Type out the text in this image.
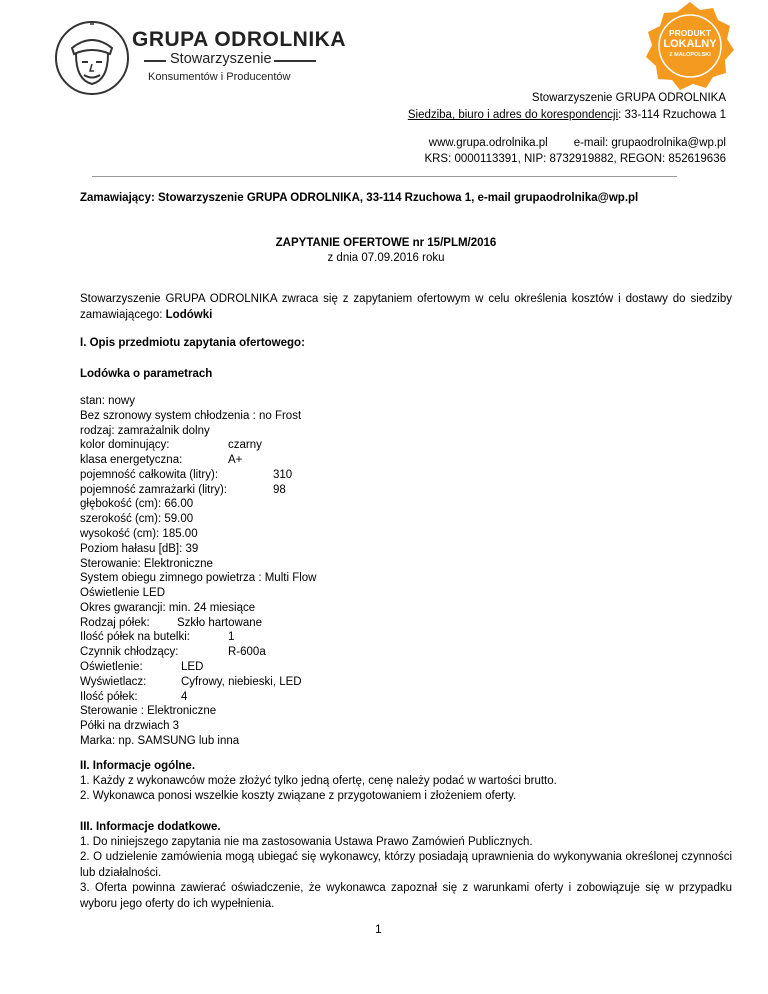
GRUPA ODROLNIKA
Stowarzyszenie
Konsumentów i Producentów
PRODUKT
LOKALNY
Z MAŁOPOLSKI
Stowarzyszenie GRUPA ODROLNIKA
Siedziba, biuro i adres do korespondencji: 33-114 Rzuchowa 1
www.grupa.odrolnika.pl e-mail: grupaodrolnika@wp.pl
KRS: 0000113391, NIP: 8732919882, REGON: 852619636
Zamawiający: Stowarzyszenie GRUPA ODROLNIKA, 33-114 Rzuchowa 1, e-mail grupaodrolnika@wp.pl
ZAPYTANIE OFERTOWE nr 15/PLM/2016
z dnia 07.09.2016 roku
Stowarzyszenie GRUPA ODROLNIKA zwraca się z zapytaniem ofertowym w celu określenia kosztów i dostawy do siedziby zamawiającego: Lodówki
I. Opis przedmiotu zapytania ofertowego:
Lodówka o parametrach
stan: nowy
Bez szronowy system chłodzenia : no Frost
rodzaj: zamrażalnik dolny
kolor dominujący:	czarny
klasa energetyczna:	A+
pojemność całkowita (litry):	310
pojemność zamrażarki (litry):	98
głębokość (cm): 66.00
szerokość (cm): 59.00
wysokość (cm): 185.00
Poziom hałasu [dB]: 39
Sterowanie: Elektroniczne
System obiegu zimnego powietrza : Multi Flow
Oświetlenie LED
Okres gwarancji: min. 24 miesiące
Rodzaj półek: Szkło hartowane
Ilość półek na butelki:	1
Czynnik chłodzący:	R-600a
Oświetlenie:	LED
Wyświetlacz:	Cyfrowy, niebieski, LED
Ilość półek:	4
Sterowanie : Elektroniczne
Półki na drzwiach 3
Marka: np. SAMSUNG lub inna
II. Informacje ogólne.
1. Każdy z wykonawców może złożyć tylko jedną ofertę, cenę należy podać w wartości brutto.
2. Wykonawca ponosi wszelkie koszty związane z przygotowaniem i złożeniem oferty.
III. Informacje dodatkowe.
1. Do niniejszego zapytania nie ma zastosowania Ustawa Prawo Zamówień Publicznych.
2. O udzielenie zamówienia mogą ubiegać się wykonawcy, którzy posiadają uprawnienia do wykonywania określonej czynności lub działalności.
3. Oferta powinna zawierać oświadczenie, że wykonawca zapoznał się z warunkami oferty i zobowiązuje się w przypadku wyboru jego oferty do ich wypełnienia.
1
